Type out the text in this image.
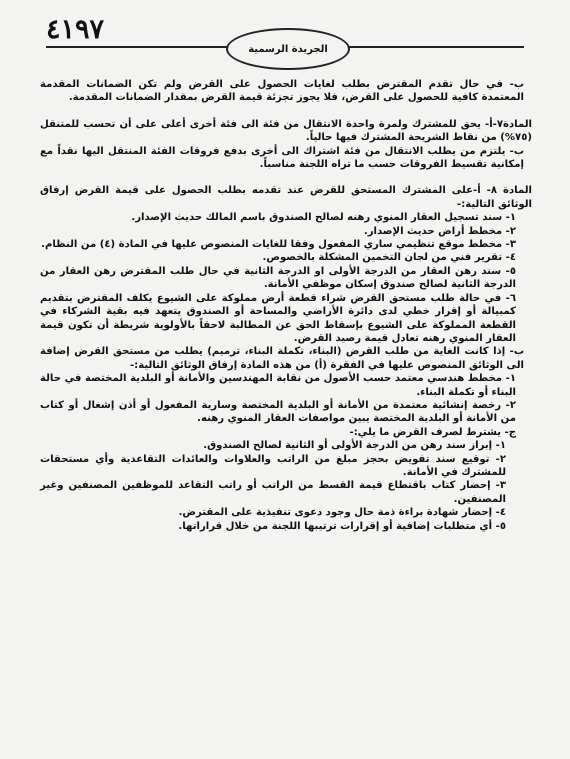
٤١٩٧
الجريدة الرسمية

ب- في حال تقدم المقترض بطلب لغايات الحصول على القرض ولم تكن الضمانات المقدمة المعتمدة كافية للحصول على القرض، فلا يجوز تجزئة قيمة القرض بمقدار الضمانات المقدمة.

المادة٧-أ- يحق للمشترك ولمرة واحدة الانتقال من فئة الى فئة أخرى أعلى على أن تحسب للمتنقل (٧٥%) من نقاط الشريحة المشترك فيها حالياً.

ب- يلتزم من يطلب الانتقال من فئة اشتراك الى أخرى بدفع فروقات الفئة المنتقل اليها نقداً مع إمكانية تقسيط الفروقات حسب ما تراه اللجنة مناسباً.

المادة ٨- أ-على المشترك المستحق للقرض عند تقدمه بطلب الحصول على قيمة القرض إرفاق الوثائق التالية:-

١- سند تسجيل العقار المنوي رهنه لصالح الصندوق باسم المالك حديث الإصدار.

٢- مخطط أراض حديث الإصدار.

٣- مخطط موقع تنظيمي ساري المفعول وفقا للغايات المنصوص عليها في المادة (٤) من النظام.

٤- تقرير فني من لجان التخمين المشكلة بالخصوص.

٥- سند رهن العقار من الدرجة الأولى او الدرجة الثانية في حال طلب المقترض رهن العقار من الدرجة الثانية لصالح صندوق إسكان موظفي الأمانة.

٦- في حالة طلب مستحق القرض شراء قطعة أرض مملوكة على الشيوع يكلف المقترض بتقديم كمبيالة أو إقرار خطي لدى دائرة الأراضي والمساحة أو الصندوق يتعهد فيه بقية الشركاء في القطعة المملوكة على الشيوع بإسقاط الحق عن المطالبة لاحقاً بالأولوية شريطة أن تكون قيمة العقار المنوي رهنه تعادل قيمة رصيد القرض.

ب- إذا كانت الغاية من طلب القرض (البناء، تكملة البناء، ترميم) يطلب من مستحق القرض إضافة الى الوثائق المنصوص عليها في الفقرة (أ) من هذه المادة إرفاق الوثائق التالية:-

١- مخطط هندسي معتمد حسب الأصول من نقابة المهندسين والأمانة أو البلدية المختصة في حالة البناء أو تكملة البناء.

٢- رخصة إنشائية معتمدة من الأمانة أو البلدية المختصة وسارية المفعول أو أذن إشغال أو كتاب من الأمانة أو البلدية المختصة يبين مواصفات العقار المنوي رهنه.

ج- يشترط لصرف القرض ما يلي:-

١- إبراز سند رهن من الدرجة الأولى أو الثانية لصالح الصندوق.

٢- توقيع سند تفويض بحجز مبلغ من الراتب والعلاوات والعائدات التقاعدية وأي مستحقات للمشترك في الأمانة.

٣- إحضار كتاب باقتطاع قيمة القسط من الراتب أو راتب التقاعد للموظفين المصنفين وغير المصنفين.

٤- إحضار شهادة براءة ذمة حال وجود دعوى تنفيذية على المقترض.

٥- أي متطلبات إضافية أو إقرارات ترتيبها اللجنة من خلال قراراتها.
